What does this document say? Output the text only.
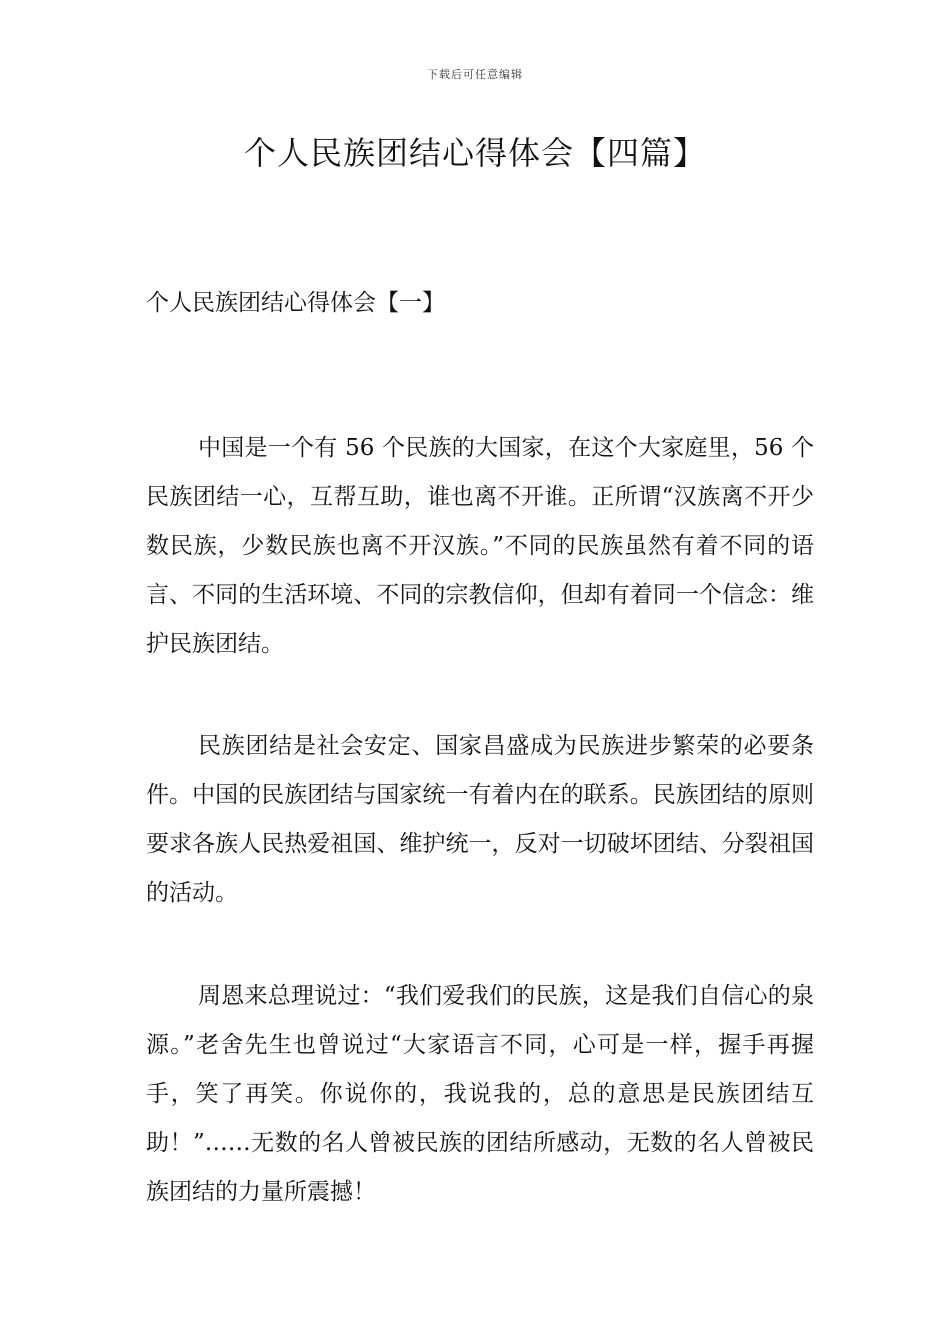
下载后可任意编辑
个人民族团结心得体会【四篇】
个人民族团结心得体会【一】

中国是一个有 56 个民族的大国家，在这个大家庭里，56 个民族团结一心，互帮互助，谁也离不开谁。正所谓“汉族离不开少数民族，少数民族也离不开汉族。”不同的民族虽然有着不同的语言、不同的生活环境、不同的宗教信仰，但却有着同一个信念：维护民族团结。

民族团结是社会安定、国家昌盛成为民族进步繁荣的必要条件。中国的民族团结与国家统一有着内在的联系。民族团结的原则要求各族人民热爱祖国、维护统一，反对一切破坏团结、分裂祖国的活动。

周恩来总理说过：“我们爱我们的民族，这是我们自信心的泉源。”老舍先生也曾说过“大家语言不同，心可是一样，握手再握手，笑了再笑。你说你的，我说我的，总的意思是民族团结互助！”……无数的名人曾被民族的团结所感动，无数的名人曾被民族团结的力量所震撼！
